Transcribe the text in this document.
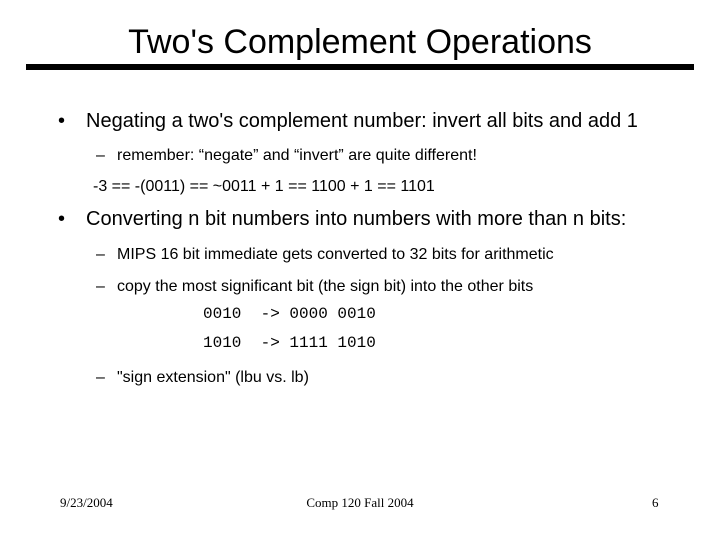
Two's Complement Operations
• Negating a two's complement number: invert all bits and add 1
– remember: “negate” and “invert” are quite different!
-3 == -(0011) == ~0011 + 1 == 1100 + 1 == 1101
• Converting n bit numbers into numbers with more than n bits:
– MIPS 16 bit immediate gets converted to 32 bits for arithmetic
– copy the most significant bit (the sign bit) into the other bits
0010  -> 0000 0010
1010  -> 1111 1010
– "sign extension" (lbu vs. lb)
9/23/2004	Comp 120 Fall 2004	6
